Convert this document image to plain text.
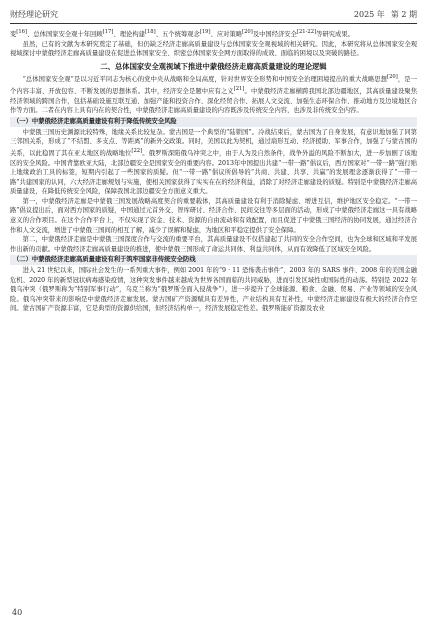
财经理论研究	2025 年 第 2 期

变[16]、总体国家安全观十年回顾[17]、理论构建[18]、五个统筹观念[19]、应对策略[20]及中国经济安全[21-22]等研究成果。

虽然，已有的文献为本研究奠定了基础，但仍缺乏经济走廊高质量建设与总体国家安全观视域的相关研究。因此，本研究将从总体国家安全观视域探讨中蒙俄经济走廊高质量建设在促进总体国家安全、织密总体国家安全网方面取得的成效、面临的困境以及突破的路径。

二、总体国家安全观视域下推进中蒙俄经济走廊高质量建设的理论逻辑

“总体国家安全观”是以习近平同志为核心的党中央从战略和全局高度，针对世界安全形势和中国安全治理困境提出的重大战略思想[20]，是一个内容丰富、开放包容、不断发展的思想体系。其中，经济安全是题中应有之义[21]。中蒙俄经济走廊横跨我国北部边疆地区，其高质量建设聚焦经济领域的跨国合作，包括基础设施互联互通、加强产能和投资合作、深化经贸合作、拓展人文交流、加强生态环保合作、推动地方及边境地区合作等方面。二者在内容上具有内在的契合性，中蒙俄经济走廊高质量建设的内容既涉及传统安全内容，也涉及非传统安全内容。

（一）中蒙俄经济走廊高质量建设有利于降低传统安全风险

中蒙俄三国历史渊源比较特殊，地缘关系比较复杂。蒙古国是一个典型的“陆锁国”。冷战结束后，蒙古国为了自身发展，有意识地加强了同第三邻国关系，形成了“不结盟、多支点、等距离”的新外交政策。同时，美国以此为契机，通过扇形互动、经济援助、军事合作，加强了与蒙古国的关系，以此稳固了其在亚太地区的战略地位[22]。俄罗斯深陷俄乌冲突之中，由于人为及自然条件，战争外溢的风险不断加大，进一步加剧了该地区的安全风险。中国背靠欧亚大陆，北部边疆安全是国家安全的重要内容。2013年中国提出共建“一带一路”倡议后，西方国家对“一带一路”强行贴上地缘政治工具的标签，短期内引起了一些国家的质疑。但“一带一路”倡议所倡导的“共商、共建、共享、共赢”的发展理念逐渐获得了“一带一路”共建国家的认同，六大经济走廊规划与实施，使相关国家获得了实实在在的经济利益，消除了对经济走廊建设的质疑。特别是中蒙俄经济走廊高质量建设，在降低传统安全风险，保障我国北部边疆安全方面意义重大。

第一，中蒙俄经济走廊是中蒙俄三国发展战略高度契合的重要载体，其高质量建设有利于消除疑虑、增进互信，维护地区安全稳定。“一带一路”倡议提出后，面对西方国家的质疑，中国通过元首外交、智库研讨、经济合作、民间交往等多层面的活动，形成了中蒙俄经济走廊这一具有战略意义的合作项目。在这个合作平台上，不仅实现了资金、技术、资源的自由流动和有效配置，而且促进了中蒙俄三国经济的协同发展，通过经济合作和人文交流，增进了中蒙俄三国间的相互了解，减少了误解和疑虑，为地区和平稳定提供了安全保障。

第二，中蒙俄经济走廊是中蒙俄三国深度合作与交流的重要平台，其高质量建设不仅搭建起了共同的安全合作空间，也为全球和区域和平发展作出新的贡献。中蒙俄经济走廊高质量建设的推进，使中蒙俄三国形成了命运共同体、利益共同体，从而有效降低了区域安全风险。

（二）中蒙俄经济走廊高质量建设有利于筑牢国家非传统安全防线

进入 21 世纪以来，国际社会发生的一系列重大事件，例如 2001 年的“9 · 11 恐怖袭击事件”、2003 年的 SARS 事件、2008 年的美国金融危机、2020 年的新型冠状病毒感染疫情，这种突发事件越来越成为世界各国面临的共同威胁，进而引发区域性或国际性的动荡。特别是 2022 年俄乌冲突（俄罗斯称为“特别军事行动”，乌克兰称为“俄罗斯全面入侵战争”），进一步提升了全球能源、粮食、金融、贸易、产业等领域的安全风险。俄乌冲突带来的影响是中蒙俄经济走廊发展。蒙古国矿产资源赋具有差异性，产业结构具有互补性，中蒙经济走廊建设有极大的经济合作空间。蒙古国矿产资源丰富，它是典型的资源供给国，但经济结构单一，经济发展稳定性差。俄罗斯能矿资源及农业

40
